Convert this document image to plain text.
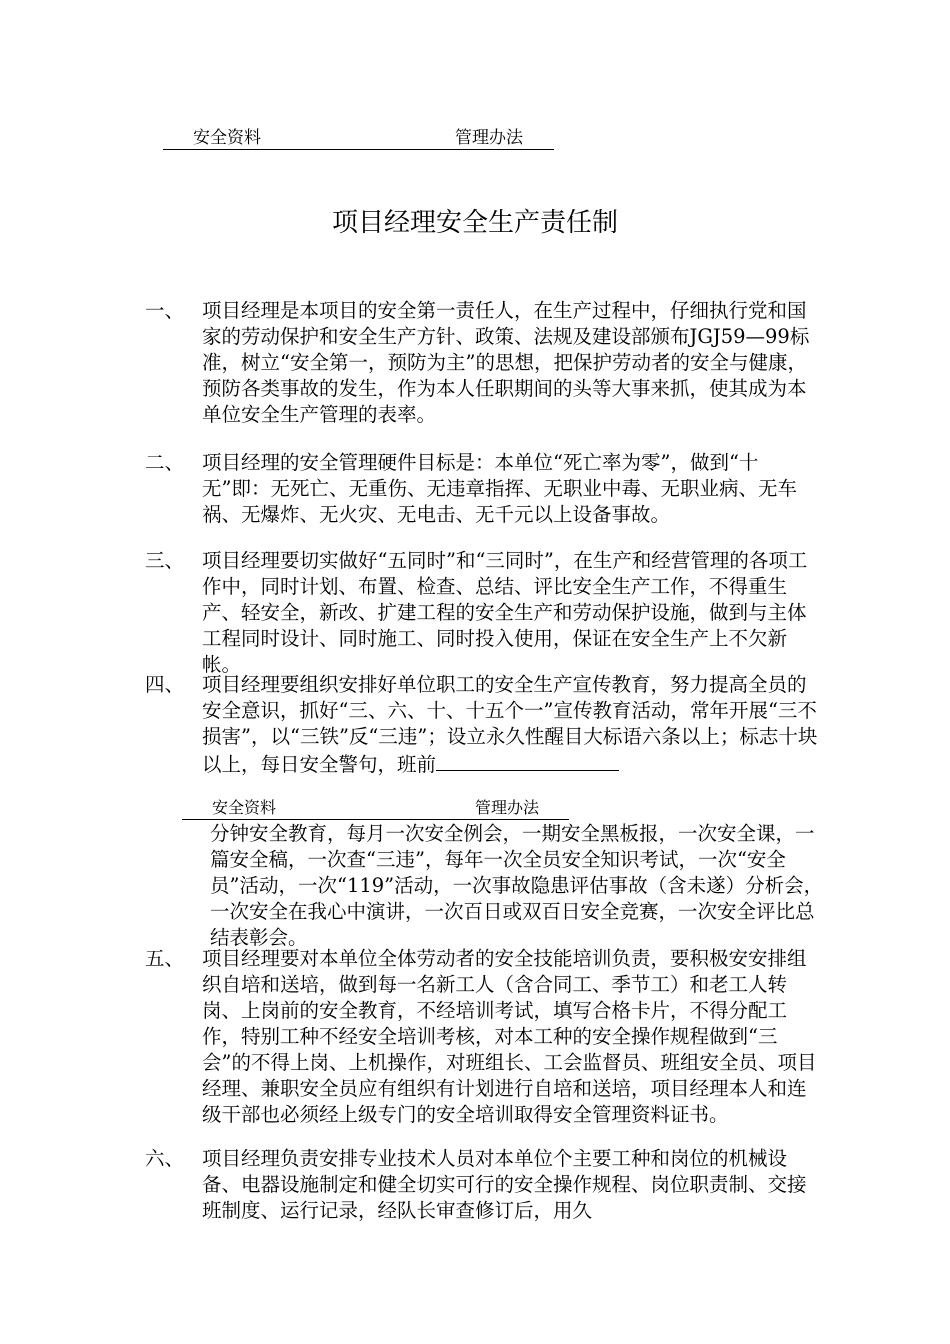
安全资料	管理办法
项目经理安全生产责任制
一、 项目经理是本项目的安全第一责任人，在生产过程中，仔细执行党和国家的劳动保护和安全生产方针、政策、法规及建设部颁布JGJ59—99标准，树立“安全第一，预防为主”的思想，把保护劳动者的安全与健康，预防各类事故的发生，作为本人任职期间的头等大事来抓，使其成为本单位安全生产管理的表率。
二、 项目经理的安全管理硬件目标是：本单位“死亡率为零”，做到“十无”即：无死亡、无重伤、无违章指挥、无职业中毒、无职业病、无车祸、无爆炸、无火灾、无电击、无千元以上设备事故。
三、 项目经理要切实做好“五同时”和“三同时”，在生产和经营管理的各项工作中，同时计划、布置、检查、总结、评比安全生产工作，不得重生产、轻安全，新改、扩建工程的安全生产和劳动保护设施，做到与主体工程同时设计、同时施工、同时投入使用，保证在安全生产上不欠新帐。
四、 项目经理要组织安排好单位职工的安全生产宣传教育，努力提高全员的安全意识，抓好“三、六、十、十五个一”宣传教育活动，常年开展“三不损害”，以“三铁”反“三违”；设立永久性醒目大标语六条以上；标志十块以上，每日安全警句，班前
安全资料	管理办法
分钟安全教育，每月一次安全例会，一期安全黑板报，一次安全课，一篇安全稿，一次查“三违”，每年一次全员安全知识考试，一次“安全员”活动，一次“119”活动，一次事故隐患评估事故（含未遂）分析会，一次安全在我心中演讲，一次百日或双百日安全竞赛，一次安全评比总结表彰会。
五、 项目经理要对本单位全体劳动者的安全技能培训负责，要积极安安排组织自培和送培，做到每一名新工人（含合同工、季节工）和老工人转岗、上岗前的安全教育，不经培训考试，填写合格卡片，不得分配工作，特别工种不经安全培训考核，对本工种的安全操作规程做到“三会”的不得上岗、上机操作，对班组长、工会监督员、班组安全员、项目经理、兼职安全员应有组织有计划进行自培和送培，项目经理本人和连级干部也必须经上级专门的安全培训取得安全管理资料证书。
六、 项目经理负责安排专业技术人员对本单位个主要工种和岗位的机械设备、电器设施制定和健全切实可行的安全操作规程、岗位职责制、交接班制度、运行记录，经队长审查修订后，用久
